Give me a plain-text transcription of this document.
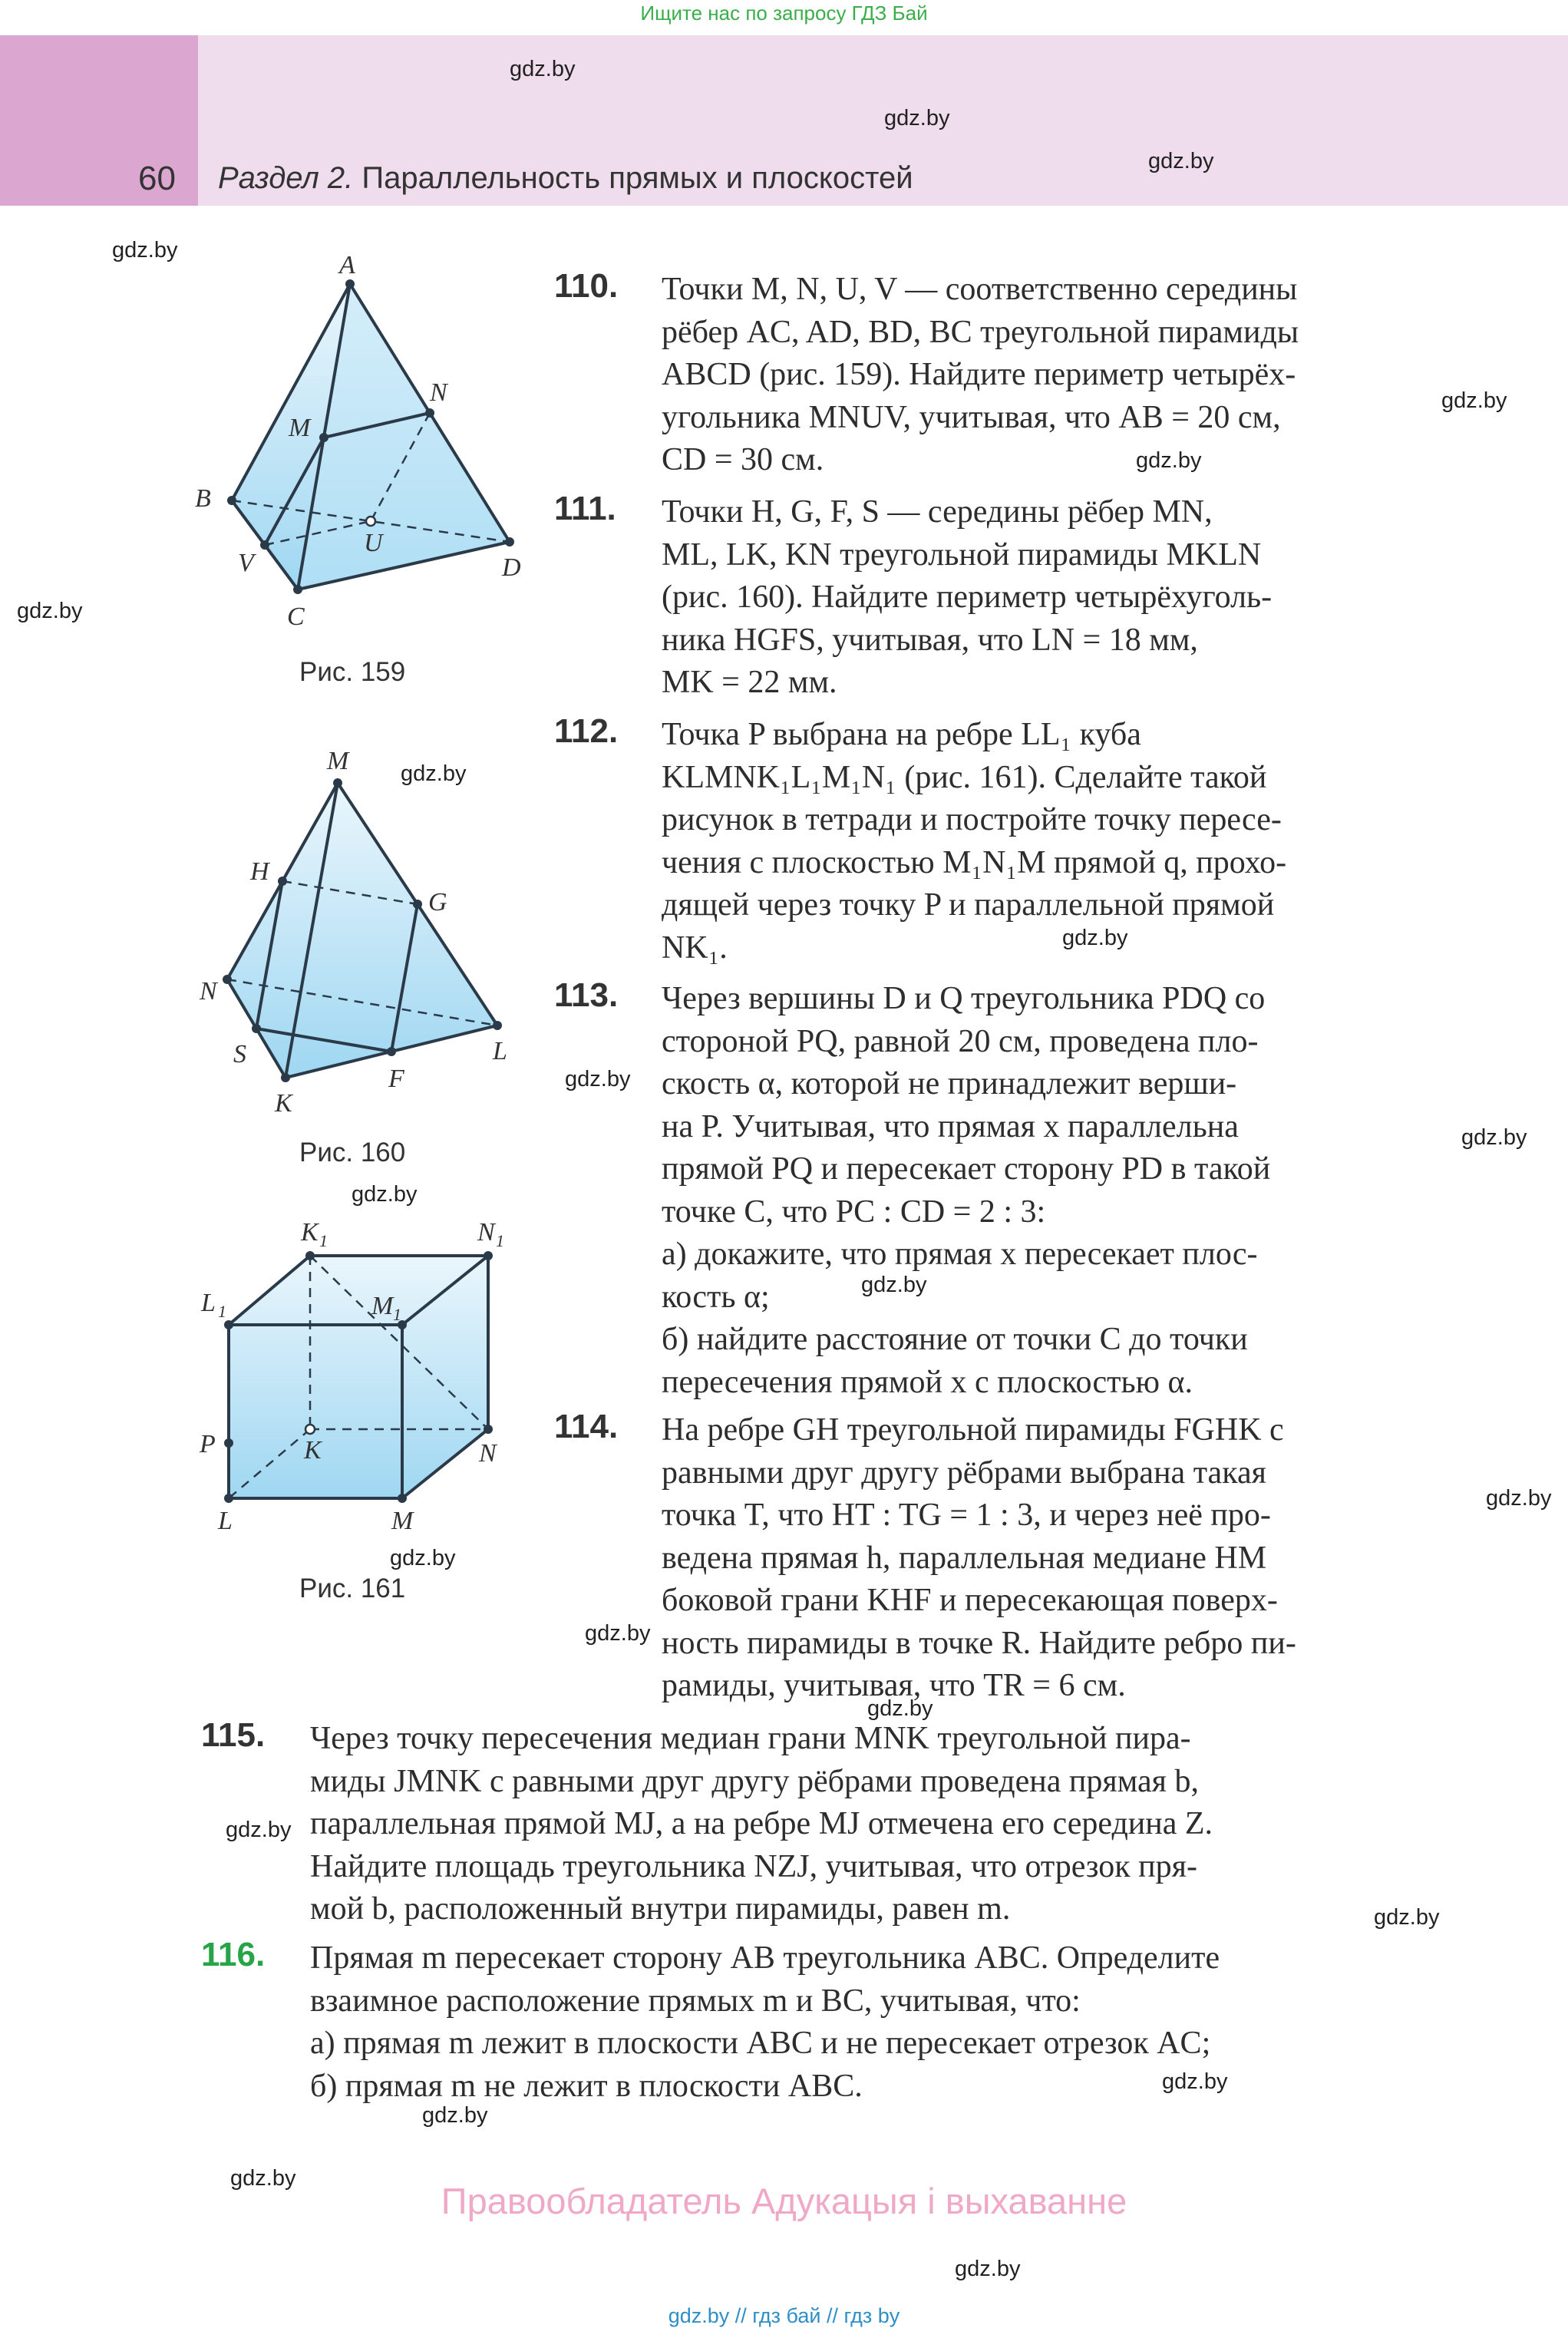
Ищите нас по запросу ГДЗ Бай
60 Раздел 2. Параллельность прямых и плоскостей
gdz.by
gdz.by
gdz.by
gdz.by
gdz.by
gdz.by
gdz.by
gdz.by
gdz.by
gdz.by
gdz.by
gdz.by
gdz.by
gdz.by
gdz.by
gdz.by
gdz.by
gdz.by
gdz.by
gdz.by
gdz.by
gdz.by
gdz.by
A
B
C
D
M
N
U
V
Рис. 159
M
H
G
N
S
K
F
L
Рис. 160
K 1	N 1
L 1	M 1
P	K	N
L	M
Рис. 161
110. Точки M, N, U, V — соответственно середины
рёбер AC, AD, BD, BC треугольной пирамиды
ABCD (рис. 159). Найдите периметр четырёх-
угольника MNUV, учитывая, что AB = 20 см,
CD = 30 см.
111. Точки H, G, F, S — середины рёбер MN,
ML, LK, KN треугольной пирамиды MKLN
(рис. 160). Найдите периметр четырёхуголь-
ника HGFS, учитывая, что LN = 18 мм,
MK = 22 мм.
112. Точка P выбрана на ребре LL₁ куба
KLMNK₁L₁M₁N₁ (рис. 161). Сделайте такой
рисунок в тетради и постройте точку пересе-
чения с плоскостью M₁N₁M прямой q, прохо-
дящей через точку P и параллельной прямой
NK₁.
113. Через вершины D и Q треугольника PDQ со
стороной PQ, равной 20 см, проведена пло-
скость α, которой не принадлежит верши-
на P. Учитывая, что прямая x параллельна
прямой PQ и пересекает сторону PD в такой
точке C, что PC : CD = 2 : 3:
а) докажите, что прямая x пересекает плос-
кость α;
б) найдите расстояние от точки C до точки
пересечения прямой x с плоскостью α.
114. На ребре GH треугольной пирамиды FGHK с
равными друг другу рёбрами выбрана такая
точка T, что HT : TG = 1 : 3, и через неё про-
ведена прямая h, параллельная медиане HM
боковой грани KHF и пересекающая поверх-
ность пирамиды в точке R. Найдите ребро пи-
рамиды, учитывая, что TR = 6 см.
115. Через точку пересечения медиан грани MNK треугольной пира-
миды JMNK с равными друг другу рёбрами проведена прямая b,
параллельная прямой MJ, а на ребре MJ отмечена его середина Z.
Найдите площадь треугольника NZJ, учитывая, что отрезок пря-
мой b, расположенный внутри пирамиды, равен m.
116. Прямая m пересекает сторону AB треугольника ABC. Определите
взаимное расположение прямых m и BC, учитывая, что:
а) прямая m лежит в плоскости ABC и не пересекает отрезок AC;
б) прямая m не лежит в плоскости ABC.
Правообладатель Адукацыя і выхаванне
gdz.by // гдз бай // гдз by
